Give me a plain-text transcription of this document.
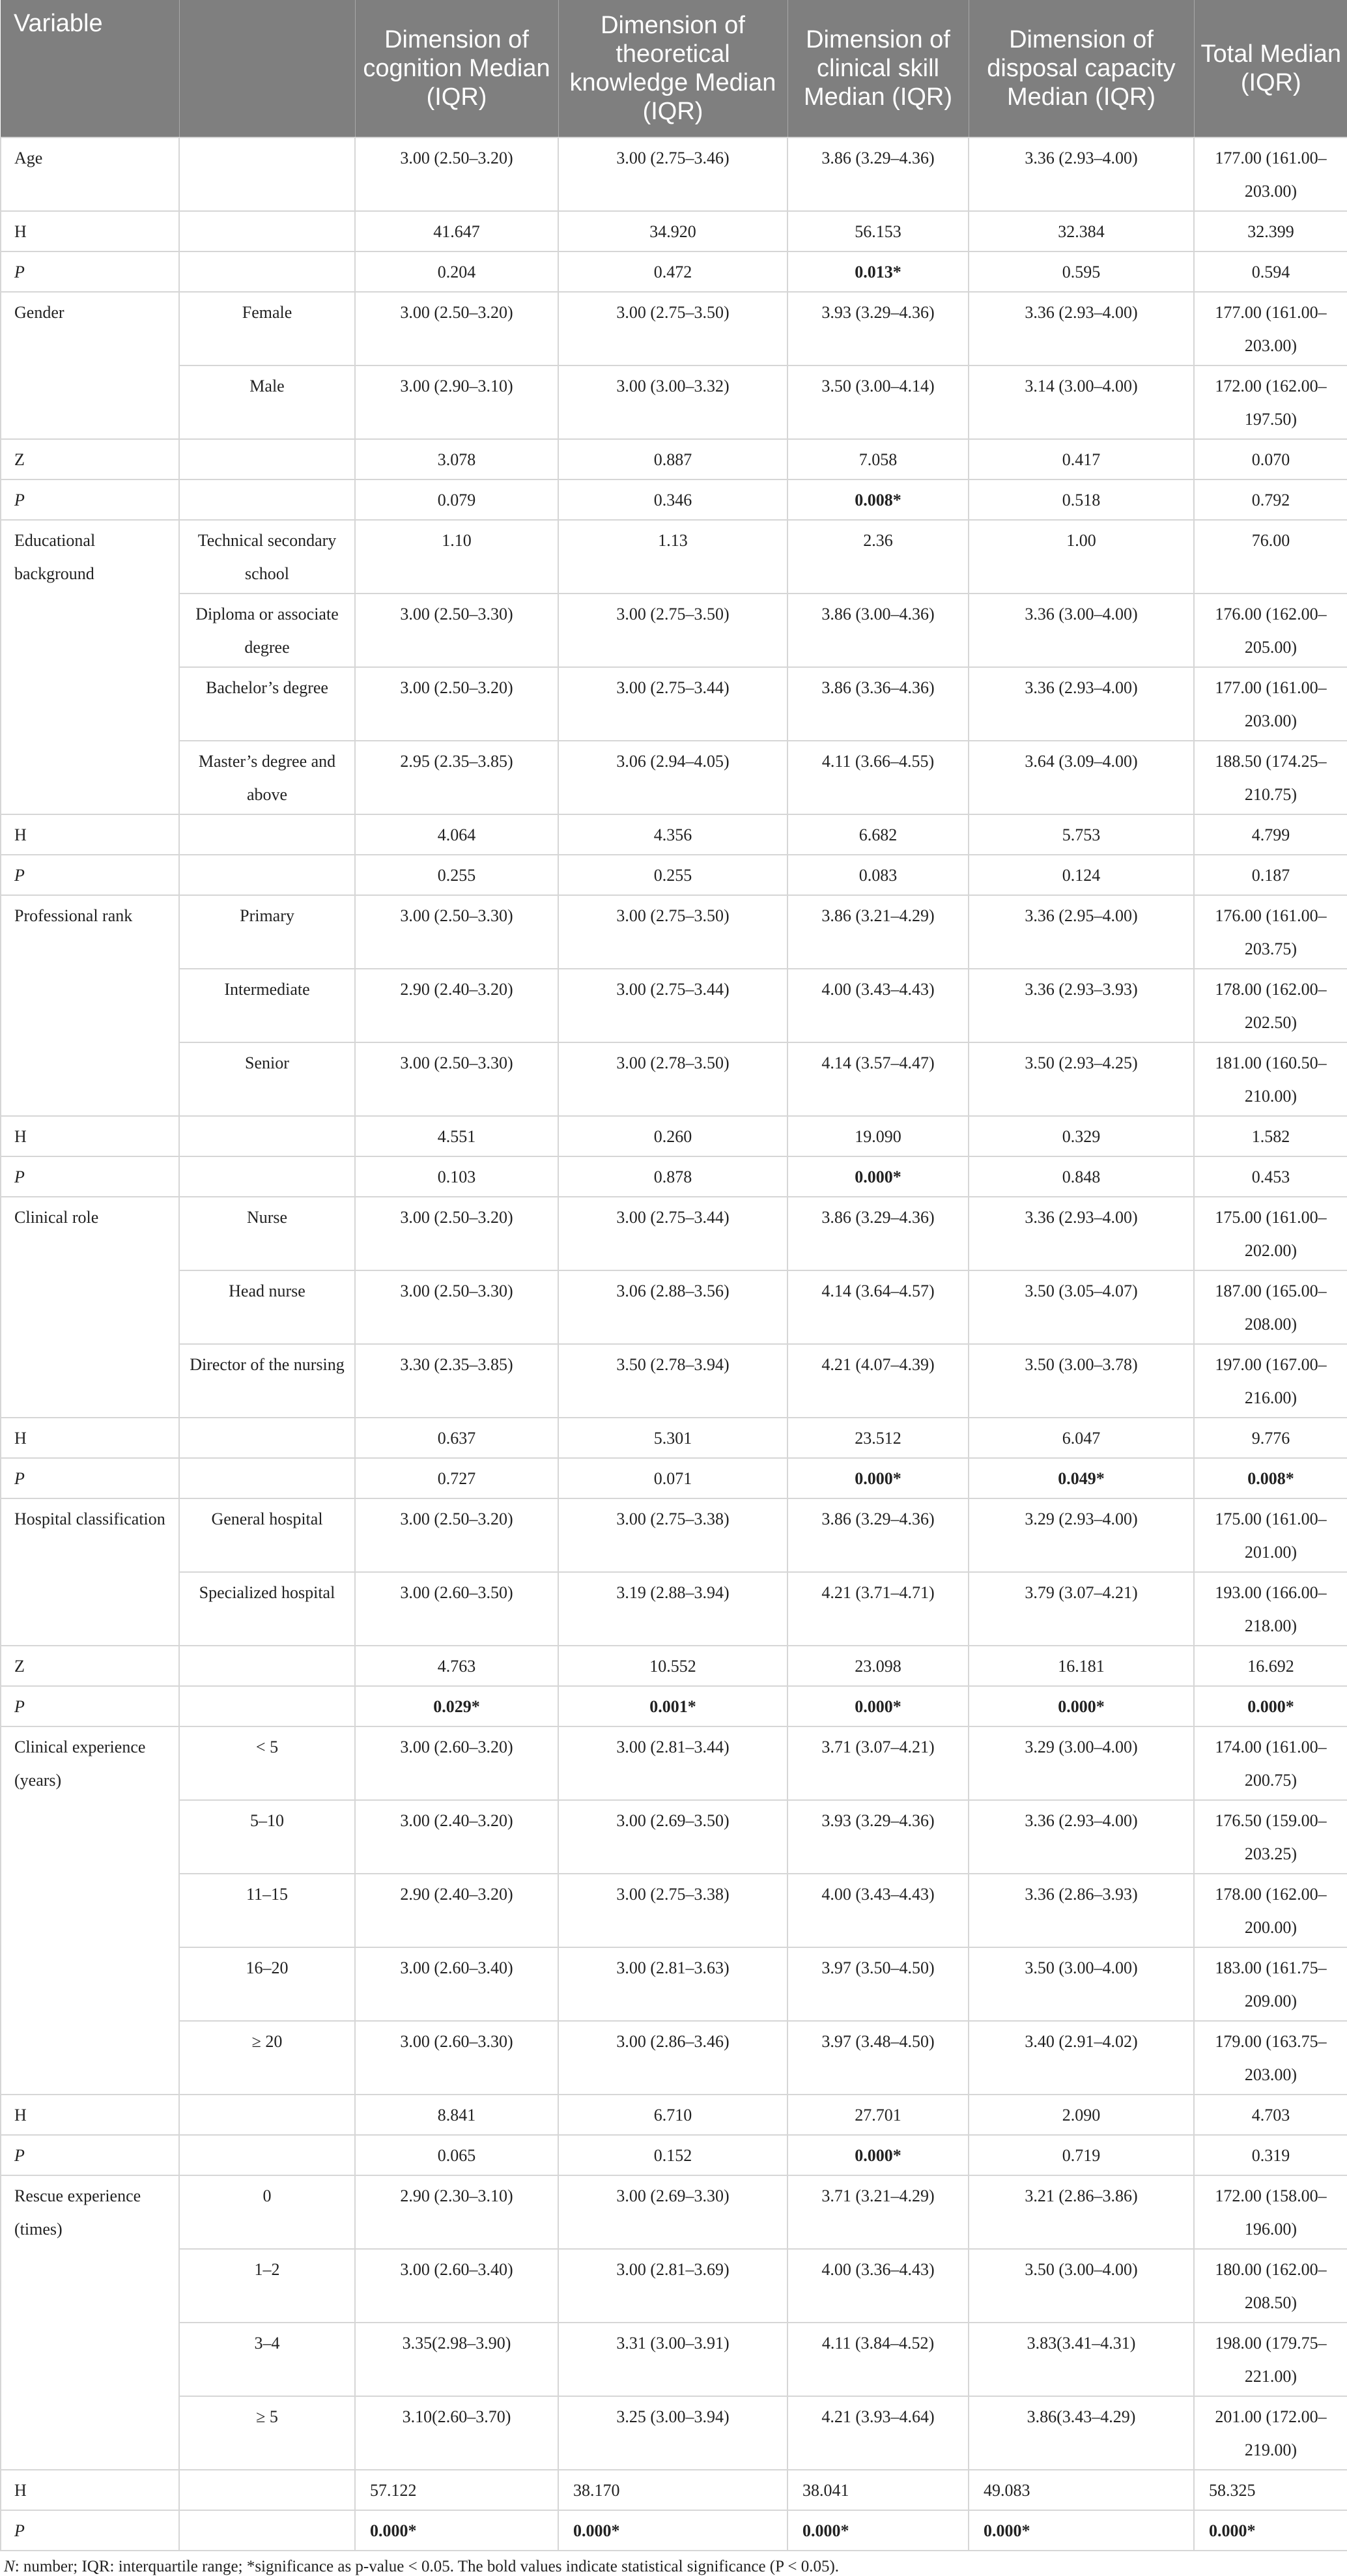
Variable		Dimension of cognition Median (IQR)	Dimension of theoretical knowledge Median (IQR)	Dimension of clinical skill Median (IQR)	Dimension of disposal capacity Median (IQR)	Total Median (IQR)
Age		3.00 (2.50–3.20)	3.00 (2.75–3.46)	3.86 (3.29–4.36)	3.36 (2.93–4.00)	177.00 (161.00–203.00)
H		41.647	34.920	56.153	32.384	32.399
P		0.204	0.472	0.013*	0.595	0.594
Gender	Female	3.00 (2.50–3.20)	3.00 (2.75–3.50)	3.93 (3.29–4.36)	3.36 (2.93–4.00)	177.00 (161.00–203.00)
	Male	3.00 (2.90–3.10)	3.00 (3.00–3.32)	3.50 (3.00–4.14)	3.14 (3.00–4.00)	172.00 (162.00–197.50)
Z		3.078	0.887	7.058	0.417	0.070
P		0.079	0.346	0.008*	0.518	0.792
Educational background	Technical secondary school	1.10	1.13	2.36	1.00	76.00
	Diploma or associate degree	3.00 (2.50–3.30)	3.00 (2.75–3.50)	3.86 (3.00–4.36)	3.36 (3.00–4.00)	176.00 (162.00–205.00)
	Bachelor’s degree	3.00 (2.50–3.20)	3.00 (2.75–3.44)	3.86 (3.36–4.36)	3.36 (2.93–4.00)	177.00 (161.00–203.00)
	Master’s degree and above	2.95 (2.35–3.85)	3.06 (2.94–4.05)	4.11 (3.66–4.55)	3.64 (3.09–4.00)	188.50 (174.25–210.75)
H		4.064	4.356	6.682	5.753	4.799
P		0.255	0.255	0.083	0.124	0.187
Professional rank	Primary	3.00 (2.50–3.30)	3.00 (2.75–3.50)	3.86 (3.21–4.29)	3.36 (2.95–4.00)	176.00 (161.00–203.75)
	Intermediate	2.90 (2.40–3.20)	3.00 (2.75–3.44)	4.00 (3.43–4.43)	3.36 (2.93–3.93)	178.00 (162.00–202.50)
	Senior	3.00 (2.50–3.30)	3.00 (2.78–3.50)	4.14 (3.57–4.47)	3.50 (2.93–4.25)	181.00 (160.50–210.00)
H		4.551	0.260	19.090	0.329	1.582
P		0.103	0.878	0.000*	0.848	0.453
Clinical role	Nurse	3.00 (2.50–3.20)	3.00 (2.75–3.44)	3.86 (3.29–4.36)	3.36 (2.93–4.00)	175.00 (161.00–202.00)
	Head nurse	3.00 (2.50–3.30)	3.06 (2.88–3.56)	4.14 (3.64–4.57)	3.50 (3.05–4.07)	187.00 (165.00–208.00)
	Director of the nursing	3.30 (2.35–3.85)	3.50 (2.78–3.94)	4.21 (4.07–4.39)	3.50 (3.00–3.78)	197.00 (167.00–216.00)
H		0.637	5.301	23.512	6.047	9.776
P		0.727	0.071	0.000*	0.049*	0.008*
Hospital classification	General hospital	3.00 (2.50–3.20)	3.00 (2.75–3.38)	3.86 (3.29–4.36)	3.29 (2.93–4.00)	175.00 (161.00–201.00)
	Specialized hospital	3.00 (2.60–3.50)	3.19 (2.88–3.94)	4.21 (3.71–4.71)	3.79 (3.07–4.21)	193.00 (166.00–218.00)
Z		4.763	10.552	23.098	16.181	16.692
P		0.029*	0.001*	0.000*	0.000*	0.000*
Clinical experience (years)	< 5	3.00 (2.60–3.20)	3.00 (2.81–3.44)	3.71 (3.07–4.21)	3.29 (3.00–4.00)	174.00 (161.00–200.75)
	5–10	3.00 (2.40–3.20)	3.00 (2.69–3.50)	3.93 (3.29–4.36)	3.36 (2.93–4.00)	176.50 (159.00–203.25)
	11–15	2.90 (2.40–3.20)	3.00 (2.75–3.38)	4.00 (3.43–4.43)	3.36 (2.86–3.93)	178.00 (162.00–200.00)
	16–20	3.00 (2.60–3.40)	3.00 (2.81–3.63)	3.97 (3.50–4.50)	3.50 (3.00–4.00)	183.00 (161.75–209.00)
	≥ 20	3.00 (2.60–3.30)	3.00 (2.86–3.46)	3.97 (3.48–4.50)	3.40 (2.91–4.02)	179.00 (163.75–203.00)
H		8.841	6.710	27.701	2.090	4.703
P		0.065	0.152	0.000*	0.719	0.319
Rescue experience (times)	0	2.90 (2.30–3.10)	3.00 (2.69–3.30)	3.71 (3.21–4.29)	3.21 (2.86–3.86)	172.00 (158.00–196.00)
	1–2	3.00 (2.60–3.40)	3.00 (2.81–3.69)	4.00 (3.36–4.43)	3.50 (3.00–4.00)	180.00 (162.00–208.50)
	3–4	3.35(2.98–3.90)	3.31 (3.00–3.91)	4.11 (3.84–4.52)	3.83(3.41–4.31)	198.00 (179.75–221.00)
	≥ 5	3.10(2.60–3.70)	3.25 (3.00–3.94)	4.21 (3.93–4.64)	3.86(3.43–4.29)	201.00 (172.00–219.00)
H		57.122	38.170	38.041	49.083	58.325
P		0.000*	0.000*	0.000*	0.000*	0.000*
N: number; IQR: interquartile range; *significance as p-value < 0.05. The bold values indicate statistical significance (P < 0.05).
